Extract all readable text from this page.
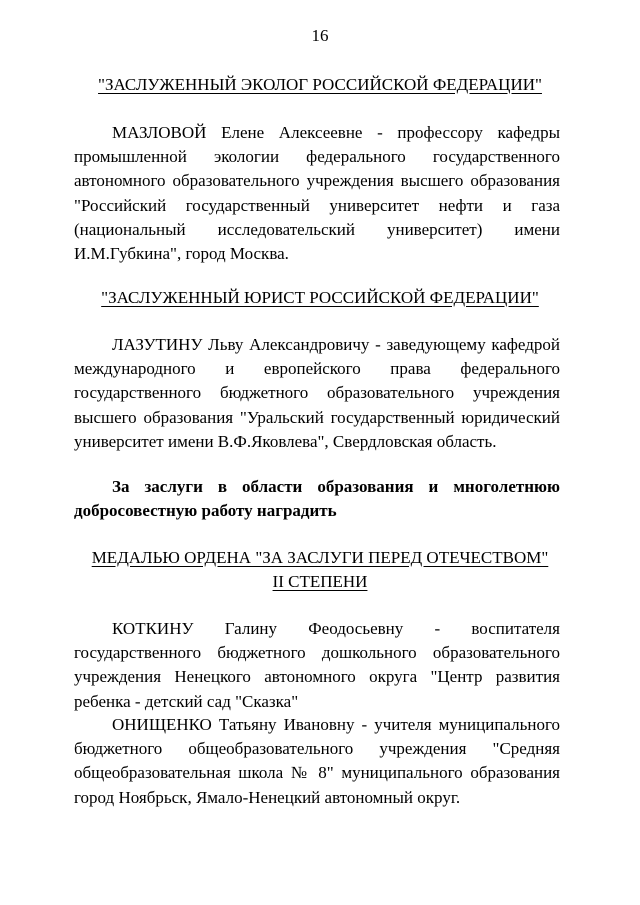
16
"ЗАСЛУЖЕННЫЙ ЭКОЛОГ РОССИЙСКОЙ ФЕДЕРАЦИИ"
МАЗЛОВОЙ Елене Алексеевне - профессору кафедры промышленной экологии федерального государственного автономного образовательного учреждения высшего образования "Российский государственный университет нефти и газа (национальный исследовательский университет) имени И.М.Губкина", город Москва.
"ЗАСЛУЖЕННЫЙ ЮРИСТ РОССИЙСКОЙ ФЕДЕРАЦИИ"
ЛАЗУТИНУ Льву Александровичу - заведующему кафедрой международного и европейского права федерального государственного бюджетного образовательного учреждения высшего образования "Уральский государственный юридический университет имени В.Ф.Яковлева", Свердловская область.
За заслуги в области образования и многолетнюю добросовестную работу наградить
МЕДАЛЬЮ ОРДЕНА "ЗА ЗАСЛУГИ ПЕРЕД ОТЕЧЕСТВОМ"
II СТЕПЕНИ
КОТКИНУ Галину Феодосьевну - воспитателя государственного бюджетного дошкольного образовательного учреждения Ненецкого автономного округа "Центр развития ребенка - детский сад "Сказка"
ОНИЩЕНКО Татьяну Ивановну - учителя муниципального бюджетного общеобразовательного учреждения "Средняя общеобразовательная школа № 8" муниципального образования город Ноябрьск, Ямало-Ненецкий автономный округ.
